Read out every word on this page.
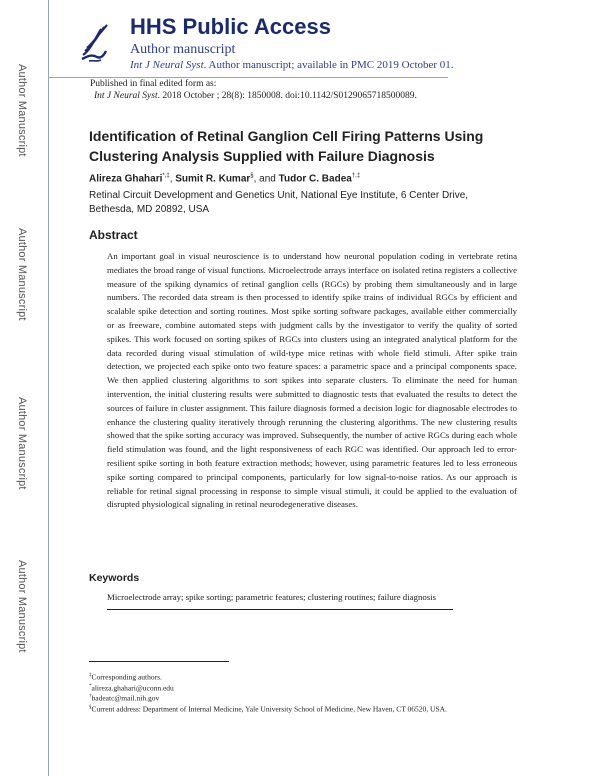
Author Manuscript
Author Manuscript
Author Manuscript
Author Manuscript
HHS Public Access
Author manuscript
Int J Neural Syst. Author manuscript; available in PMC 2019 October 01.
Published in final edited form as:
Int J Neural Syst. 2018 October ; 28(8): 1850008. doi:10.1142/S0129065718500089.
Identification of Retinal Ganglion Cell Firing Patterns Using Clustering Analysis Supplied with Failure Diagnosis
Alireza Ghahari*,‡, Sumit R. Kumar§, and Tudor C. Badea†,‡
Retinal Circuit Development and Genetics Unit, National Eye Institute, 6 Center Drive, Bethesda, MD 20892, USA
Abstract
An important goal in visual neuroscience is to understand how neuronal population coding in vertebrate retina mediates the broad range of visual functions. Microelectrode arrays interface on isolated retina registers a collective measure of the spiking dynamics of retinal ganglion cells (RGCs) by probing them simultaneously and in large numbers. The recorded data stream is then processed to identify spike trains of individual RGCs by efficient and scalable spike detection and sorting routines. Most spike sorting software packages, available either commercially or as freeware, combine automated steps with judgment calls by the investigator to verify the quality of sorted spikes. This work focused on sorting spikes of RGCs into clusters using an integrated analytical platform for the data recorded during visual stimulation of wild-type mice retinas with whole field stimuli. After spike train detection, we projected each spike onto two feature spaces: a parametric space and a principal components space. We then applied clustering algorithms to sort spikes into separate clusters. To eliminate the need for human intervention, the initial clustering results were submitted to diagnostic tests that evaluated the results to detect the sources of failure in cluster assignment. This failure diagnosis formed a decision logic for diagnosable electrodes to enhance the clustering quality iteratively through rerunning the clustering algorithms. The new clustering results showed that the spike sorting accuracy was improved. Subsequently, the number of active RGCs during each whole field stimulation was found, and the light responsiveness of each RGC was identified. Our approach led to error-resilient spike sorting in both feature extraction methods; however, using parametric features led to less erroneous spike sorting compared to principal components, particularly for low signal-to-noise ratios. As our approach is reliable for retinal signal processing in response to simple visual stimuli, it could be applied to the evaluation of disrupted physiological signaling in retinal neurodegenerative diseases.
Keywords
Microelectrode array; spike sorting; parametric features; clustering routines; failure diagnosis
‡Corresponding authors.
*alireza.ghahari@uconn.edu
†badeatc@mail.nih.gov
§Current address: Department of Internal Medicine, Yale University School of Medicine, New Haven, CT 06520, USA.
